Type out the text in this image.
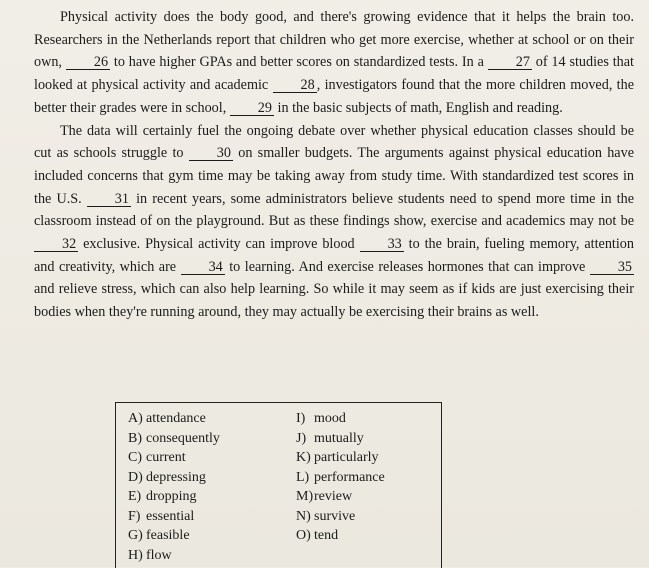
Physical activity does the body good, and there's growing evidence that it helps the brain too. Researchers in the Netherlands report that children who get more exercise, whether at school or on their own, 26 to have higher GPAs and better scores on standardized tests. In a 27 of 14 studies that looked at physical activity and academic 28 , investigators found that the more children moved, the better their grades were in school, 29 in the basic subjects of math, English and reading.

The data will certainly fuel the ongoing debate over whether physical education classes should be cut as schools struggle to 30 on smaller budgets. The arguments against physical education have included concerns that gym time may be taking away from study time. With standardized test scores in the U.S. 31 in recent years, some administrators believe students need to spend more time in the classroom instead of on the playground. But as these findings show, exercise and academics may not be 32 exclusive. Physical activity can improve blood 33 to the brain, fueling memory, attention and creativity, which are 34 to learning. And exercise releases hormones that can improve 35 and relieve stress, which can also help learning. So while it may seem as if kids are just exercising their bodies when they're running around, they may actually be exercising their brains as well.

A) attendance
B) consequently
C) current
D) depressing
E) dropping
F) essential
G) feasible
H) flow
I) mood
J) mutually
K) particularly
L) performance
M)review
N) survive
O) tend
